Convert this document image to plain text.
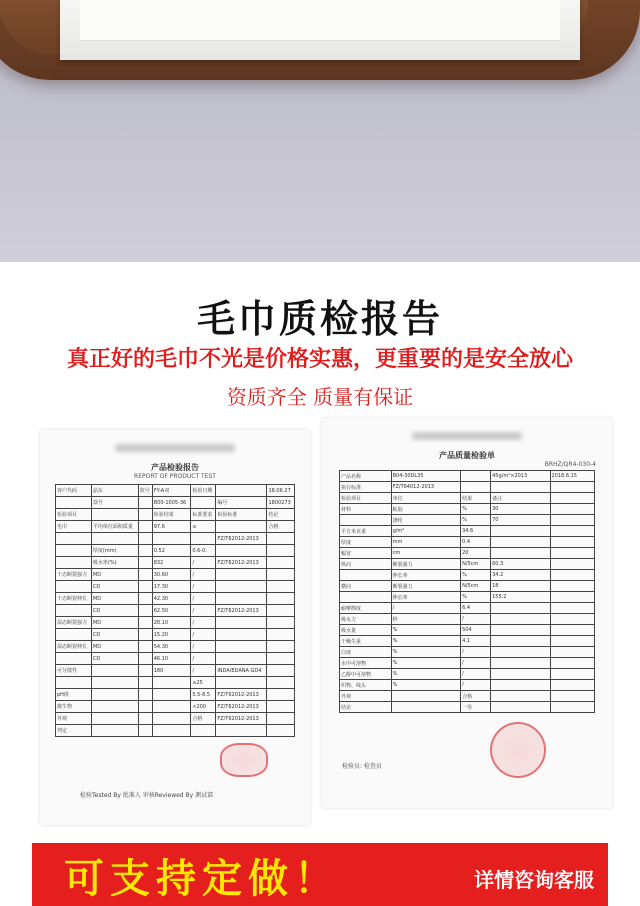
毛巾质检报告
真正好的毛巾不光是价格实惠，更重要的是安全放心
资质齐全 质量有保证
产品检验报告
REPORT OF PRODUCT TEST
客户代码	晶东	款号	FY-A双	检验日期		18.06.27
	款号		B00-1005-36		编号	1800273
检验项目			检验结果	标准要求	检验标准	结论
毛巾	平均单位面积质量		97.6	≥		合格
					FZ/T62012-2013	
	厚度(mm)		0.52	0.6-0.		
	吸水率(%)		832	/	FZ/T62012-2013	
干态断裂强力	MD		30.60	/		
	CD		17.30	/		
干态断裂伸长	MD		42.30	/		
	CD		62.50	/	FZ/T62012-2013	
湿态断裂强力	MD		28.10	/		
	CD		15.20	/		
湿态断裂伸长	MD		54.30	/		
	CD		46.10	/		
可分散性			180	/	INDA/EDANA GD4	
				≥25		
pH值				5.5-8.5	FZ/T62012-2013	
微生物				<200	FZ/T62012-2013	
外观				合格	FZ/T62012-2013	
判定						
检验Tested By 批准人 审核Reviewed By 测试部
产品质量检验单
BRHZ/QR4-030-4
产品名称	B04-30DL35		45g/m²×2013	2018.6.15
执行标准	FZ/T64012-2013			
检验项目	单位	结果	备注	
材料	粘胶	%	30	
	涤纶	%	70	
平方米克重	g/m²	34.6		
厚度	mm	0.4		
幅宽	cm	20		
纵向	断裂强力	N/5cm	60.3	
	伸长率	%	34.2	
横向	断裂强力	N/5cm	18	
	伸长率	%	155.2	
耐摩擦度	/	6.4		
吸水力	秒	/		
吸水量	%	504		
干燥失重	%	4.1		
白度	%	/		
水中可溶物	%	/		
乙醇中可溶物	%	/		
织物、线头	%	/		
外观		合格		
结论		一等		
检验员: 检查员
可支持定做！	详情咨询客服
